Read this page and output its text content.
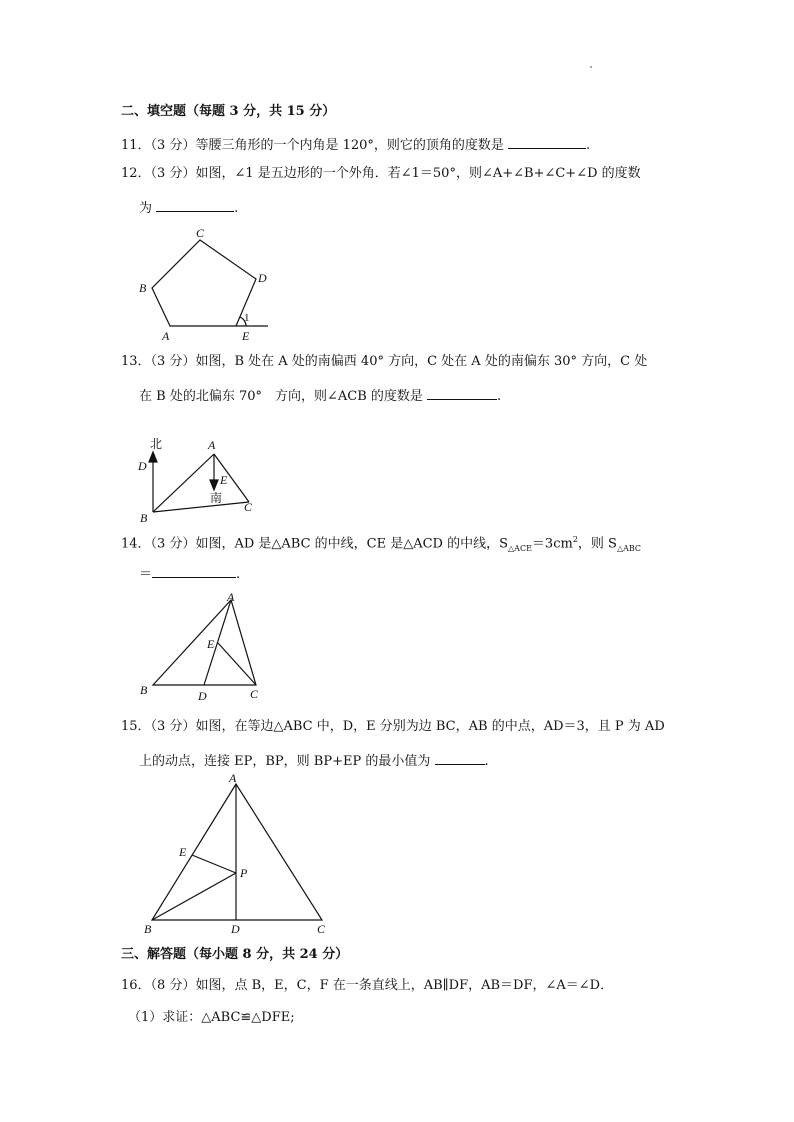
二、填空题（每题 3 分，共 15 分）
11．（3 分）等腰三角形的一个内角是 120°，则它的顶角的度数是	.
12．（3 分）如图，∠1 是五边形的一个外角．若∠1＝50°，则∠A+∠B+∠C+∠D 的度数
为	.
C
B
D
A	E
1
13．（3 分）如图，B 处在 A 处的南偏西 40° 方向，C 处在 A 处的南偏东 30° 方向，C 处
在 B 处的北偏东 70°　方向，则∠ACB 的度数是	.
北
D
A
E
南
C
B
14．（3 分）如图，AD 是△ABC 的中线，CE 是△ACD 的中线，$S_{\triangle ACE}=3cm^2$，则 $S_{\triangle ABC}$
＝	.
A
E
B	D	C
15．（3 分）如图，在等边△ABC 中，D，E 分别为边 BC，AB 的中点，AD＝3，且 P 为 AD
上的动点，连接 EP，BP，则 BP+EP 的最小值为	.
A
E
P
B	D	C
三、解答题（每小题 8 分，共 24 分）
16．（8 分）如图，点 B，E，C，F 在一条直线上，AB∥DF，AB＝DF，∠A＝∠D．
（1）求证：△ABC≌△DFE;
